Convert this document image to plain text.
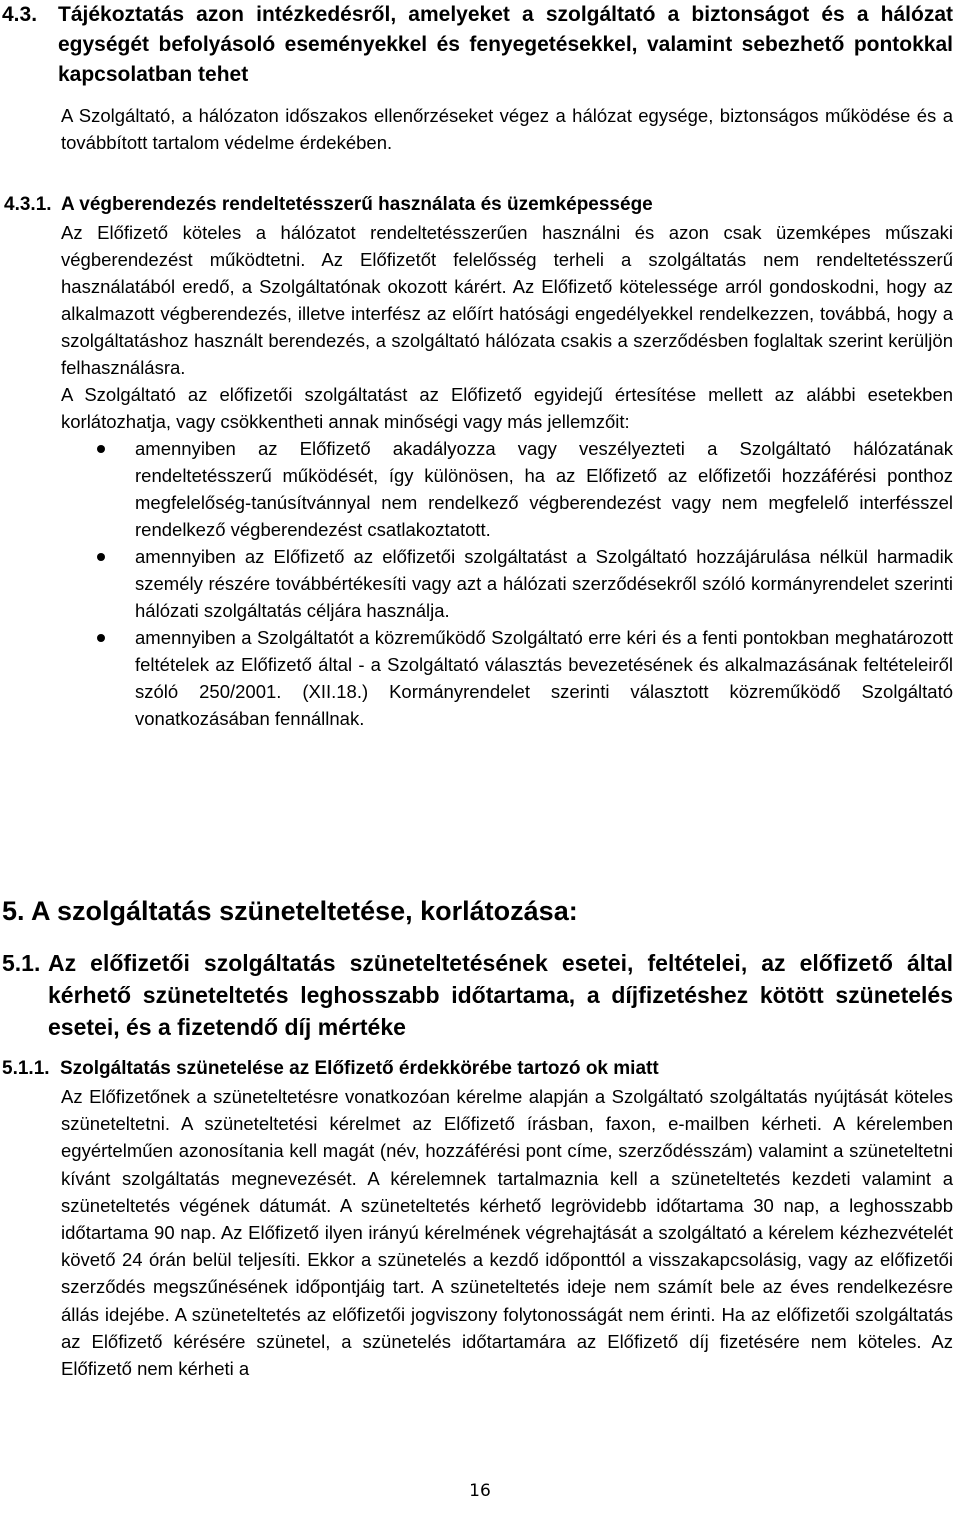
4.3. Tájékoztatás azon intézkedésről, amelyeket a szolgáltató a biztonságot és a hálózat egységét befolyásoló eseményekkel és fenyegetésekkel, valamint sebezhető pontokkal kapcsolatban tehet
A Szolgáltató, a hálózaton időszakos ellenőrzéseket végez a hálózat egysége, biztonságos működése és a továbbított tartalom védelme érdekében.
4.3.1. A végberendezés rendeltetésszerű használata és üzemképessége

Az Előfizető köteles a hálózatot rendeltetésszerűen használni és azon csak üzemképes műszaki végberendezést működtetni. Az Előfizetőt felelősség terheli a szolgáltatás nem rendeltetésszerű használatából eredő, a Szolgáltatónak okozott kárért. Az Előfizető kötelessége arról gondoskodni, hogy az alkalmazott végberendezés, illetve interfész az előírt hatósági engedélyekkel rendelkezzen, továbbá, hogy a szolgáltatáshoz használt berendezés, a szolgáltató hálózata csakis a szerződésben foglaltak szerint kerüljön felhasználásra.

A Szolgáltató az előfizetői szolgáltatást az Előfizető egyidejű értesítése mellett az alábbi esetekben korlátozhatja, vagy csökkentheti annak minőségi vagy más jellemzőit:

amennyiben az Előfizető akadályozza vagy veszélyezteti a Szolgáltató hálózatának rendeltetésszerű működését, így különösen, ha az Előfizető az előfizetői hozzáférési ponthoz megfelelőség-tanúsítvánnyal nem rendelkező végberendezést vagy nem megfelelő interfésszel rendelkező végberendezést csatlakoztatott.
amennyiben az Előfizető az előfizetői szolgáltatást a Szolgáltató hozzájárulása nélkül harmadik személy részére továbbértékesíti vagy azt a hálózati szerződésekről szóló kormányrendelet szerinti hálózati szolgáltatás céljára használja.
amennyiben a Szolgáltatót a közreműködő Szolgáltató erre kéri és a fenti pontokban meghatározott feltételek az Előfizető által - a Szolgáltató választás bevezetésének és alkalmazásának feltételeiről szóló 250/2001. (XII.18.) Kormányrendelet szerinti választott közreműködő Szolgáltató vonatkozásában fennállnak.
5. A szolgáltatás szüneteltetése, korlátozása:
5.1. Az előfizetői szolgáltatás szüneteltetésének esetei, feltételei, az előfizető által kérhető szüneteltetés leghosszabb időtartama, a díjfizetéshez kötött szünetelés esetei, és a fizetendő díj mértéke
5.1.1. Szolgáltatás szünetelése az Előfizető érdekkörébe tartozó ok miatt
Az Előfizetőnek a szüneteltetésre vonatkozóan kérelme alapján a Szolgáltató szolgáltatás nyújtását köteles szüneteltetni. A szüneteltetési kérelmet az Előfizető írásban, faxon, e-mailben kérheti. A kérelemben egyértelműen azonosítania kell magát (név, hozzáférési pont címe, szerződésszám) valamint a szüneteltetni kívánt szolgáltatás megnevezését. A kérelemnek tartalmaznia kell a szüneteltetés kezdeti valamint a szüneteltetés végének dátumát. A szüneteltetés kérhető legrövidebb időtartama 30 nap, a leghosszabb időtartama 90 nap. Az Előfizető ilyen irányú kérelmének végrehajtását a szolgáltató a kérelem kézhezvételét követő 24 órán belül teljesíti. Ekkor a szünetelés a kezdő időponttól a visszakapcsolásig, vagy az előfizetői szerződés megszűnésének időpontjáig tart. A szüneteltetés ideje nem számít bele az éves rendelkezésre állás idejébe. A szüneteltetés az előfizetői jogviszony folytonosságát nem érinti. Ha az előfizetői szolgáltatás az Előfizető kérésére szünetel, a szünetelés időtartamára az Előfizető díj fizetésére nem köteles. Az Előfizető nem kérheti a
16
